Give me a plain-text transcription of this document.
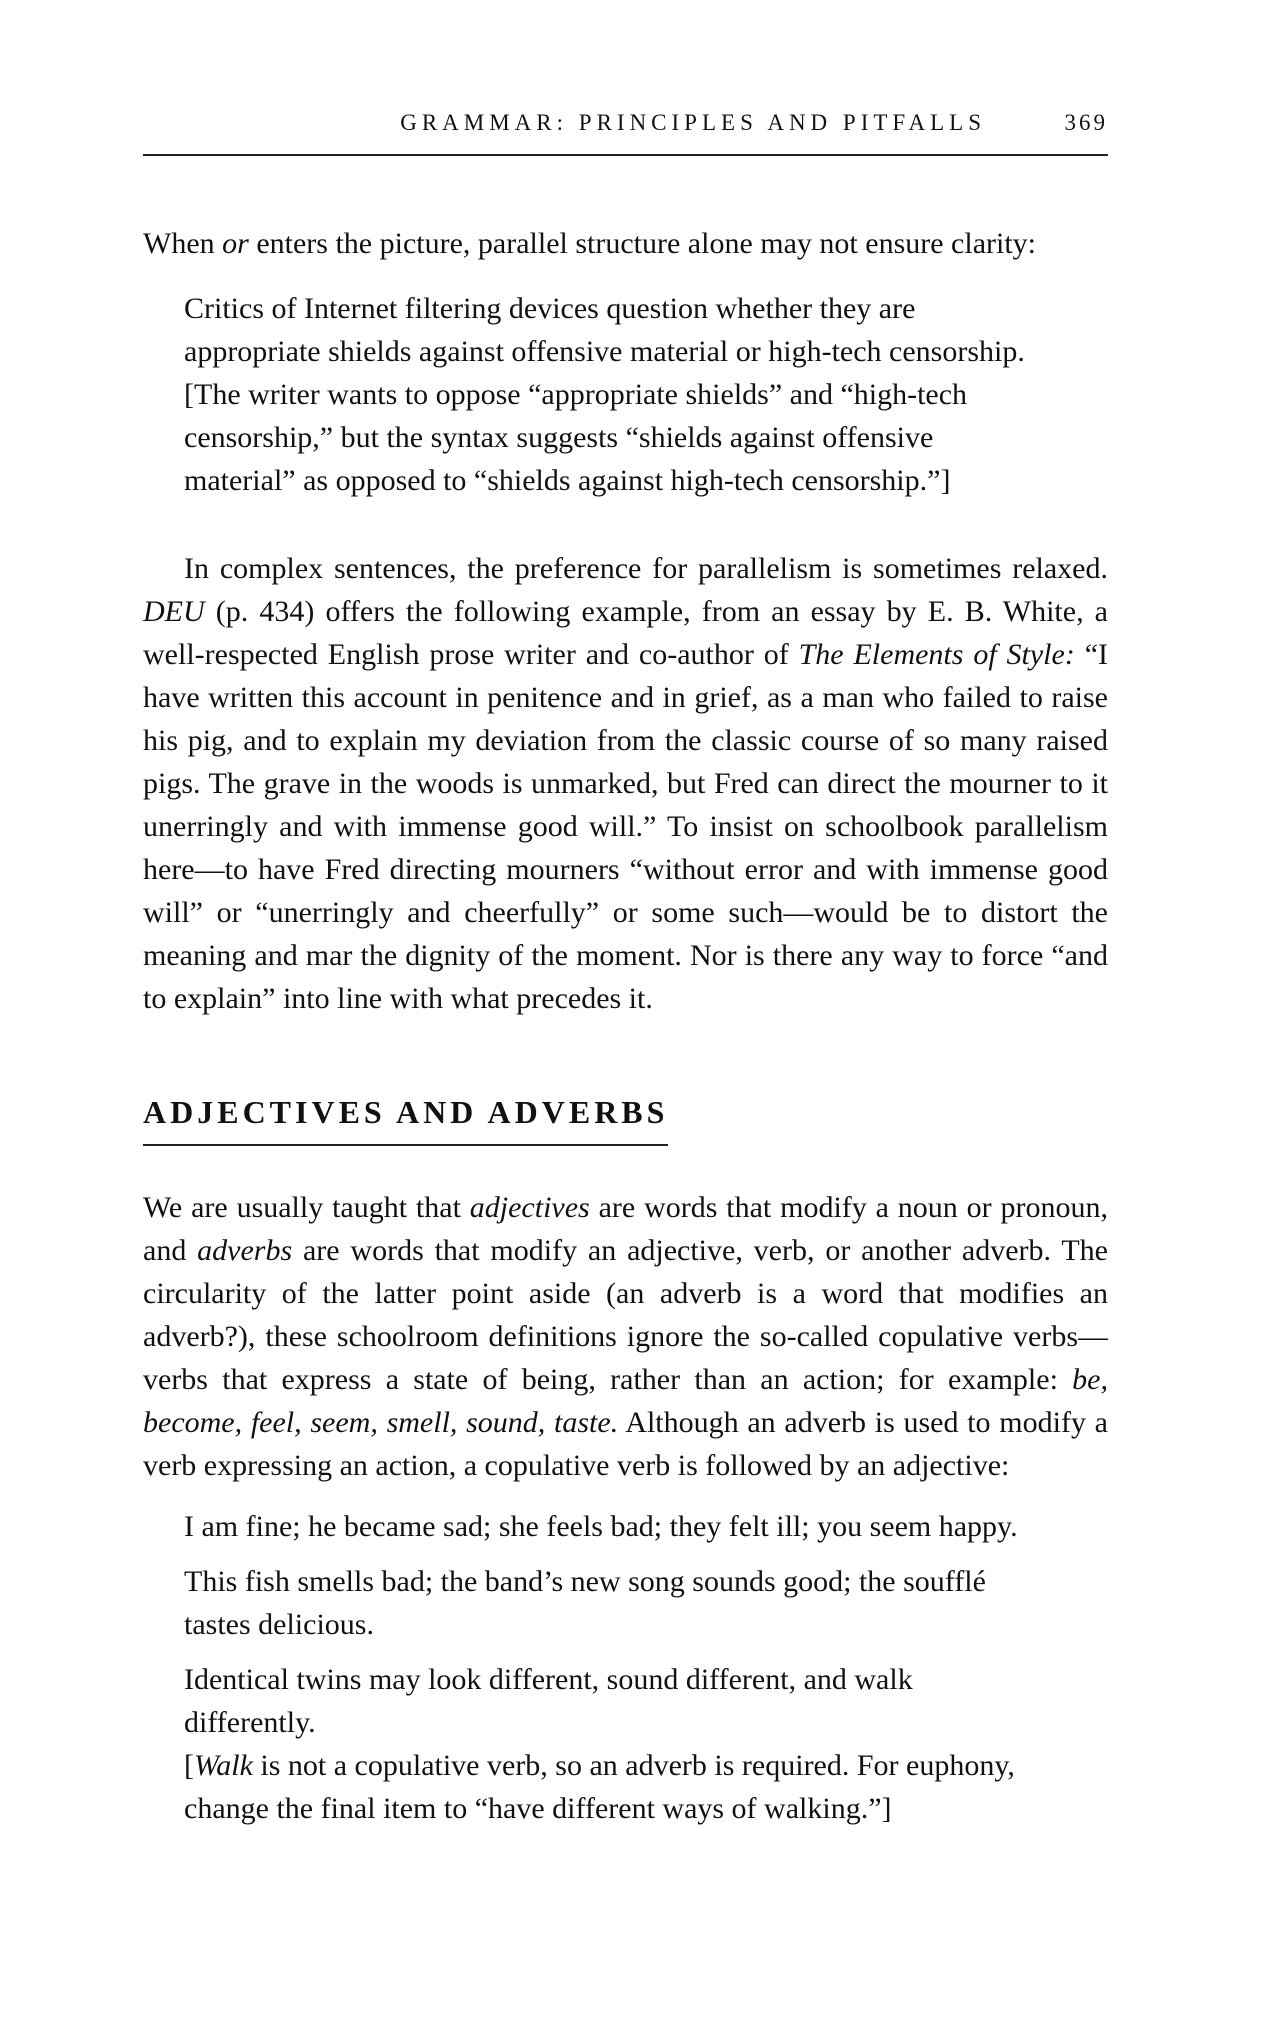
GRAMMAR: PRINCIPLES AND PITFALLS	369

When or enters the picture, parallel structure alone may not ensure clarity:

Critics of Internet filtering devices question whether they are appropriate shields against offensive material or high-tech censorship.

[The writer wants to oppose “appropriate shields” and “high-tech censorship,” but the syntax suggests “shields against offensive material” as opposed to “shields against high-tech censorship.”]

In complex sentences, the preference for parallelism is sometimes relaxed. DEU (p. 434) offers the following example, from an essay by E. B. White, a well-respected English prose writer and co-author of The Elements of Style: “I have written this account in penitence and in grief, as a man who failed to raise his pig, and to explain my deviation from the classic course of so many raised pigs. The grave in the woods is unmarked, but Fred can direct the mourner to it unerringly and with immense good will.” To insist on schoolbook parallelism here—to have Fred directing mourners “without error and with immense good will” or “unerringly and cheerfully” or some such—would be to distort the meaning and mar the dignity of the moment. Nor is there any way to force “and to explain” into line with what precedes it.

ADJECTIVES AND ADVERBS

We are usually taught that adjectives are words that modify a noun or pronoun, and adverbs are words that modify an adjective, verb, or another adverb. The circularity of the latter point aside (an adverb is a word that modifies an adverb?), these schoolroom definitions ignore the so-called copulative verbs—verbs that express a state of being, rather than an action; for example: be, become, feel, seem, smell, sound, taste. Although an adverb is used to modify a verb expressing an action, a copulative verb is followed by an adjective:

I am fine; he became sad; she feels bad; they felt ill; you seem happy.

This fish smells bad; the band’s new song sounds good; the soufflé tastes delicious.

Identical twins may look different, sound different, and walk differently.

[Walk is not a copulative verb, so an adverb is required. For euphony, change the final item to “have different ways of walking.”]
